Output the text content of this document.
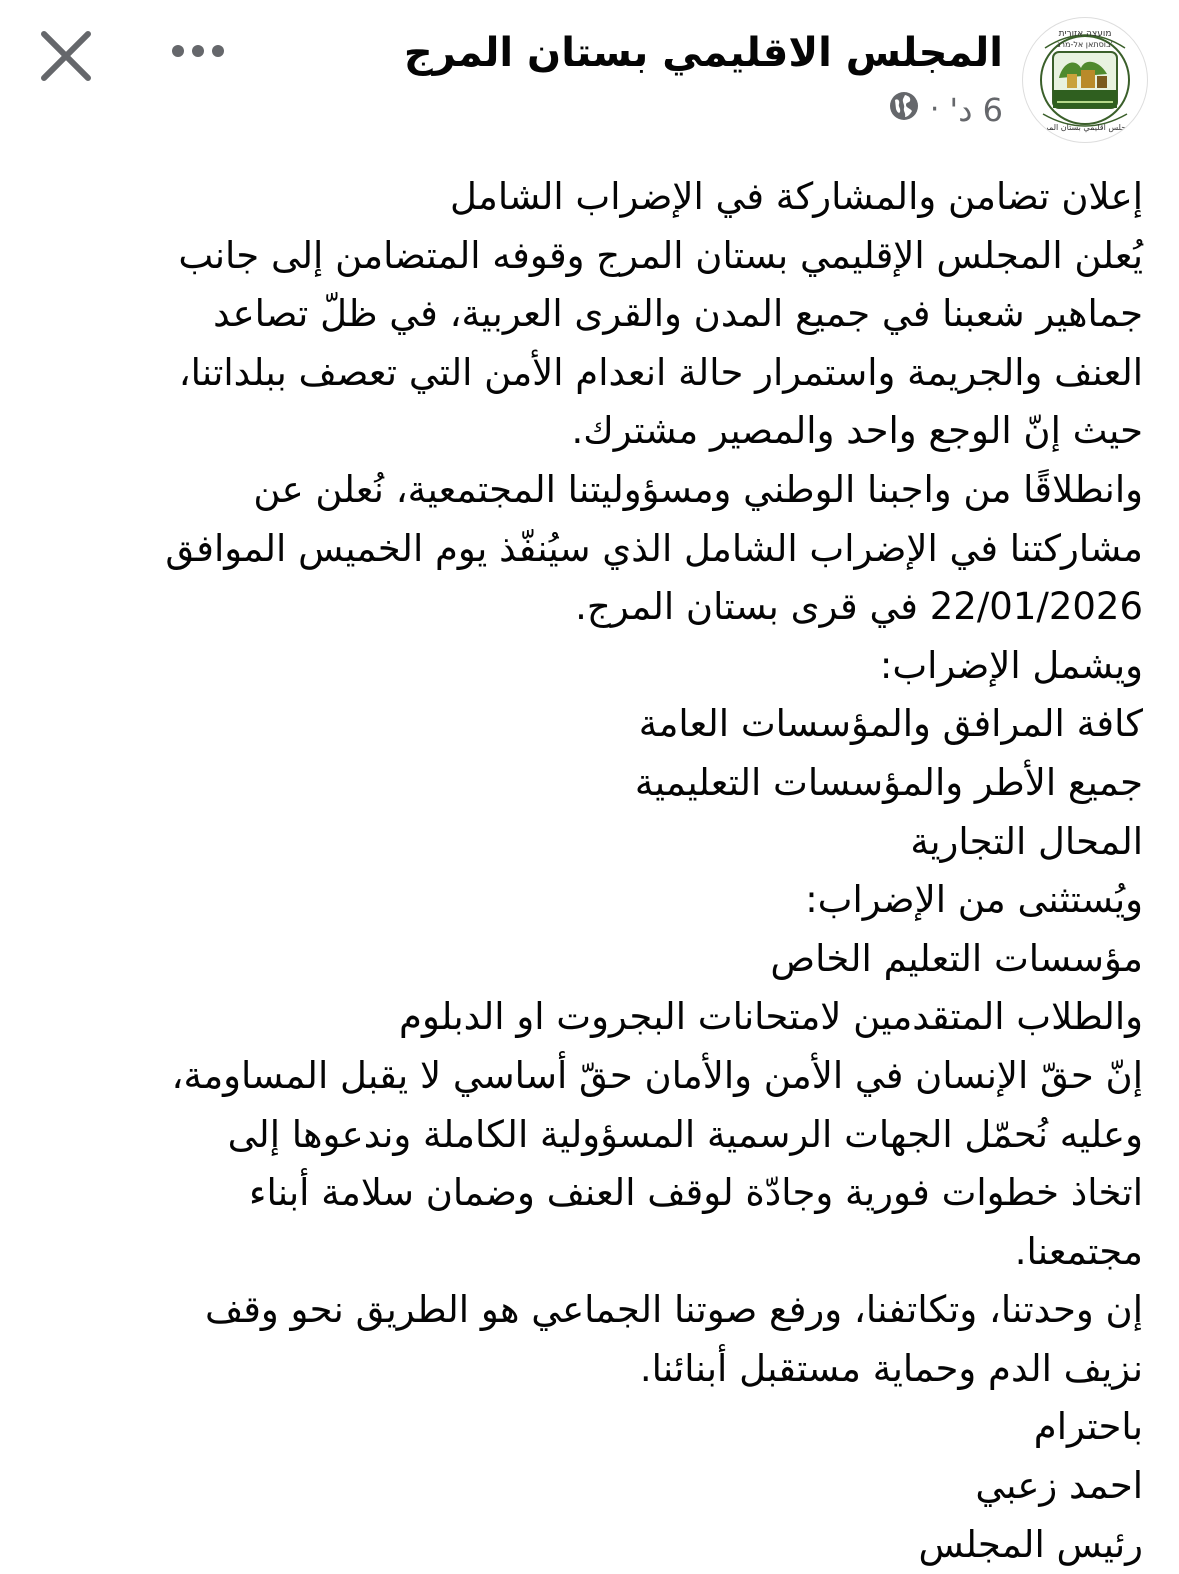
المجلس الاقليمي بستان المرج
6 د'
·
מועצה אזורית
בוסתאן אל-מרג'
مجلس اقليمي بستان المرج
إعلان تضامن والمشاركة في الإضراب الشامل
يُعلن المجلس الإقليمي بستان المرج وقوفه المتضامن إلى جانب
جماهير شعبنا في جميع المدن والقرى العربية، في ظلّ تصاعد
العنف والجريمة واستمرار حالة انعدام الأمن التي تعصف ببلداتنا،
حيث إنّ الوجع واحد والمصير مشترك.
وانطلاقًا من واجبنا الوطني ومسؤوليتنا المجتمعية، نُعلن عن
مشاركتنا في الإضراب الشامل الذي سيُنفّذ يوم الخميس الموافق
22/01/2026 في قرى بستان المرج.
ويشمل الإضراب:
كافة المرافق والمؤسسات العامة
جميع الأطر والمؤسسات التعليمية
المحال التجارية
ويُستثنى من الإضراب:
مؤسسات التعليم الخاص
والطلاب المتقدمين لامتحانات البجروت او الدبلوم
إنّ حقّ الإنسان في الأمن والأمان حقّ أساسي لا يقبل المساومة،
وعليه نُحمّل الجهات الرسمية المسؤولية الكاملة وندعوها إلى
اتخاذ خطوات فورية وجادّة لوقف العنف وضمان سلامة أبناء
مجتمعنا.
إن وحدتنا، وتكاتفنا، ورفع صوتنا الجماعي هو الطريق نحو وقف
نزيف الدم وحماية مستقبل أبنائنا.
باحترام
احمد زعبي
رئيس المجلس
